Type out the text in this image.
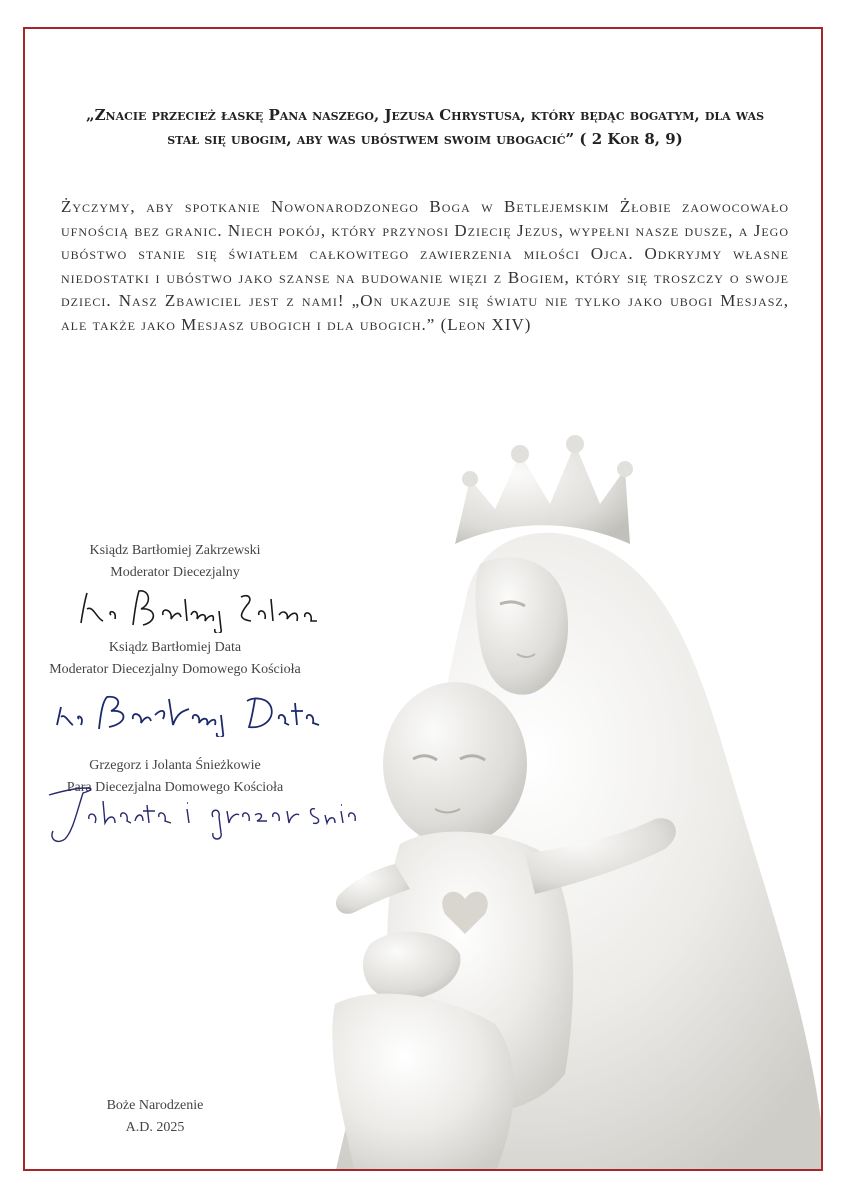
„Znacie przecież łaskę Pana naszego, Jezusa Chrystusa, który będąc bogatym, dla was stał się ubogim, aby was ubóstwem swoim ubogacić” ( 2 Kor 8, 9)

Życzymy, aby spotkanie Nowonarodzonego Boga w Betlejemskim Żłobie zaowocowało ufnością bez granic. Niech pokój, który przynosi Dziecię Jezus, wypełni nasze dusze, a Jego ubóstwo stanie się światłem całkowitego zawierzenia miłości Ojca. Odkryjmy własne niedostatki i ubóstwo jako szanse na budowanie więzi z Bogiem, który się troszczy o swoje dzieci. Nasz Zbawiciel jest z nami! „On ukazuje się światu nie tylko jako ubogi Mesjasz, ale także jako Mesjasz ubogich i dla ubogich.” (Leon XIV)

Ksiądz Bartłomiej Zakrzewski
Moderator Diecezjalny
Ksiądz Bartłomiej Data
Moderator Diecezjalny Domowego Kościoła
Grzegorz i Jolanta Śnieżkowie
Para Diecezjalna Domowego Kościoła
Boże Narodzenie
A.D. 2025
